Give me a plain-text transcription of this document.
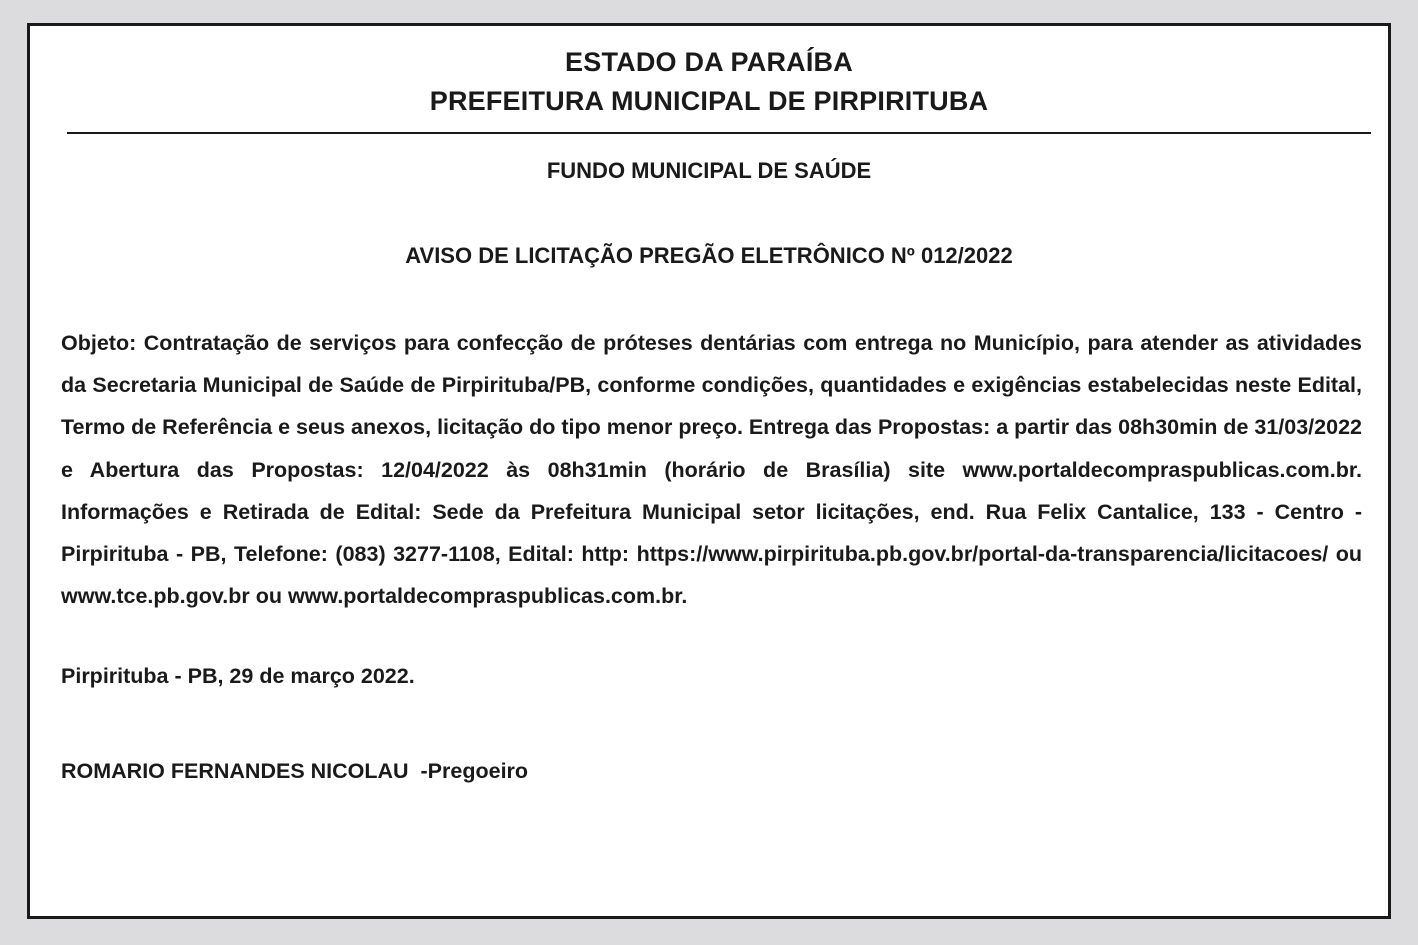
ESTADO DA PARAÍBA
PREFEITURA MUNICIPAL DE PIRPIRITUBA
FUNDO MUNICIPAL DE SAÚDE
AVISO DE LICITAÇÃO PREGÃO ELETRÔNICO Nº 012/2022

Objeto: Contratação de serviços para confecção de próteses dentárias com entrega no Município, para atender as atividades da Secretaria Municipal de Saúde de Pirpirituba/PB, conforme condições, quantidades e exigências estabelecidas neste Edital, Termo de Referência e seus anexos, licitação do tipo menor preço. Entrega das Propostas: a partir das 08h30min de 31/03/2022 e Abertura das Propostas: 12/04/2022 às 08h31min (horário de Brasília) site www.portaldecompraspublicas.com.br. Informações e Retirada de Edital: Sede da Prefeitura Municipal setor licitações, end. Rua Felix Cantalice, 133 - Centro - Pirpirituba - PB, Telefone: (083) 3277-1108, Edital: http: https://www.pirpirituba.pb.gov.br/portal-da-transparencia/licitacoes/ ou www.tce.pb.gov.br ou www.portaldecompraspublicas.com.br.

Pirpirituba - PB, 29 de março 2022.
ROMARIO FERNANDES NICOLAU  -Pregoeiro
